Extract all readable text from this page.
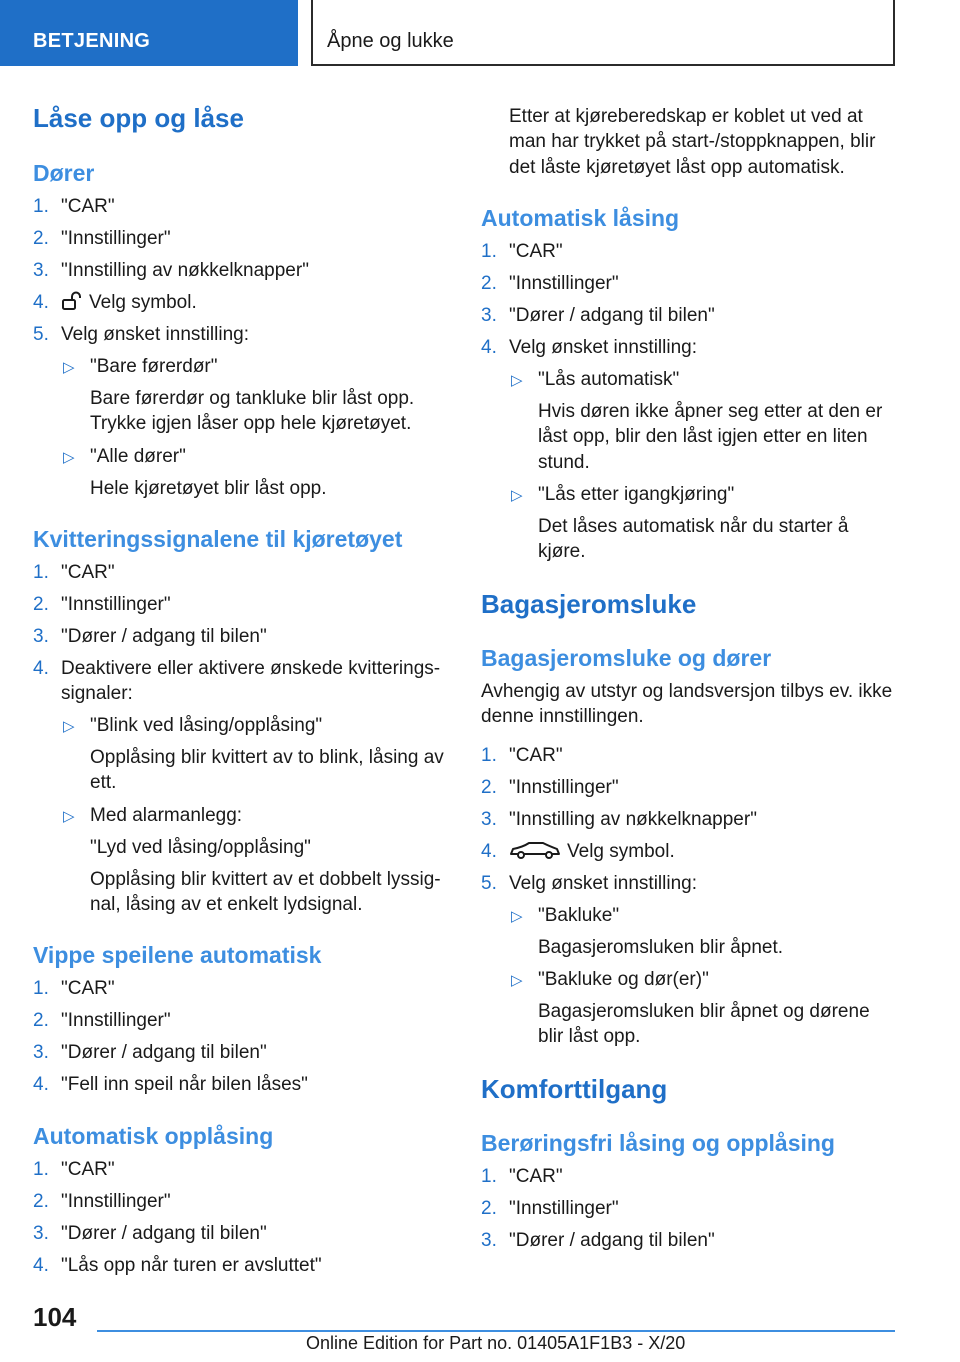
BETJENING	Åpne og lukke
Låse opp og låse
Dører
1. "CAR"
2. "Innstillinger"
3. "Innstilling av nøkkelknapper"
4.	Velg symbol.
5. Velg ønsket innstilling:
▷ "Bare førerdør"
Bare førerdør og tankluke blir låst opp.
Trykke igjen låser opp hele kjøretøyet.
▷ "Alle dører"
Hele kjøretøyet blir låst opp.
Kvitteringssignalene til kjøretøyet
1. "CAR"
2. "Innstillinger"
3. "Dører / adgang til bilen"
4. Deaktivere eller aktivere ønskede kvitterings-
signaler:
▷ "Blink ved låsing/opplåsing"
Opplåsing blir kvittert av to blink, låsing av
ett.
▷ Med alarmanlegg:
"Lyd ved låsing/opplåsing"
Opplåsing blir kvittert av et dobbelt lyssig-
nal, låsing av et enkelt lydsignal.
Vippe speilene automatisk
1. "CAR"
2. "Innstillinger"
3. "Dører / adgang til bilen"
4. "Fell inn speil når bilen låses"
Automatisk opplåsing
1. "CAR"
2. "Innstillinger"
3. "Dører / adgang til bilen"
4. "Lås opp når turen er avsluttet"
Etter at kjøreberedskap er koblet ut ved at
man har trykket på start-/stoppknappen, blir
det låste kjøretøyet låst opp automatisk.
Automatisk låsing
1. "CAR"
2. "Innstillinger"
3. "Dører / adgang til bilen"
4. Velg ønsket innstilling:
▷ "Lås automatisk"
Hvis døren ikke åpner seg etter at den er
låst opp, blir den låst igjen etter en liten
stund.
▷ "Lås etter igangkjøring"
Det låses automatisk når du starter å
kjøre.
Bagasjeromsluke
Bagasjeromsluke og dører
Avhengig av utstyr og landsversjon tilbys ev. ikke
denne innstillingen.
1. "CAR"
2. "Innstillinger"
3. "Innstilling av nøkkelknapper"
4.	Velg symbol.
5. Velg ønsket innstilling:
▷ "Bakluke"
Bagasjeromsluken blir åpnet.
▷ "Bakluke og dør(er)"
Bagasjeromsluken blir åpnet og dørene
blir låst opp.
Komforttilgang
Berøringsfri låsing og opplåsing
1. "CAR"
2. "Innstillinger"
3. "Dører / adgang til bilen"
104
Online Edition for Part no. 01405A1F1B3 - X/20
